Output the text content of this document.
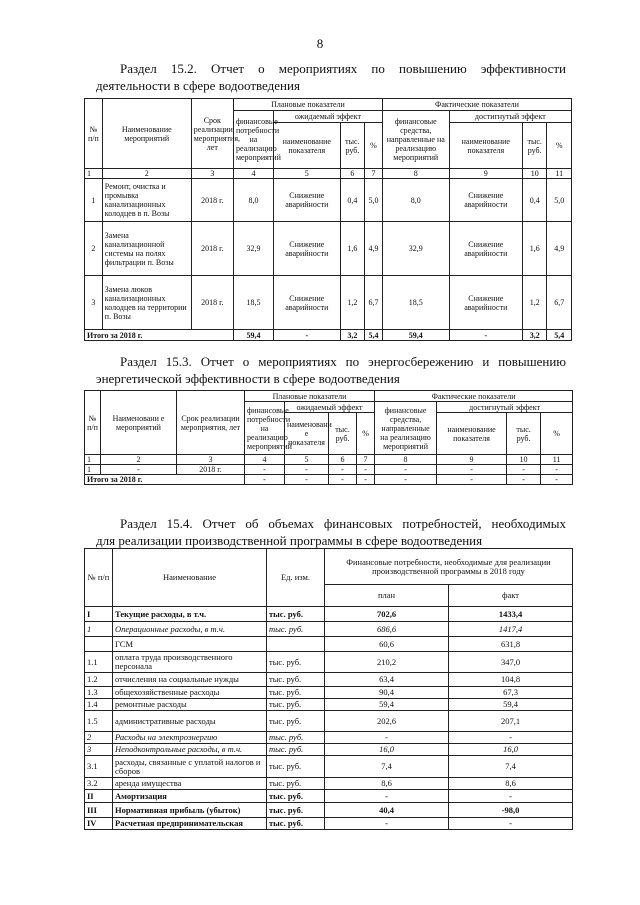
8
Раздел 15.2. Отчет о мероприятиях по повышению эффективности
деятельности в сфере водоотведения
№ п/п	Наименование мероприятий	Срок реализации мероприятия, лет	Плановые показатели				Фактические показатели			
			финансовые потребности на реализацию мероприятий	ожидаемый эффект			финансовые средства, направленные на реализацию мероприятий	достигнутый эффект		
				наименование показателя	тыс. руб.	%		наименование показателя	тыс. руб.	%
1	2	3	4	5	6	7	8	9	10	11
1	Ремонт, очистка и промывка канализационных колодцев в п. Возы	2018 г.	8,0	Снижение аварийности	0,4	5,0	8,0	Снижение аварийности	0,4	5,0
2	Замена канализационной системы на полях фильтрации п. Возы	2018 г.	32,9	Снижение аварийности	1,6	4,9	32,9	Снижение аварийности	1,6	4,9
3	Замена люков канализационных колодцев на территории п. Возы	2018 г.	18,5	Снижение аварийности	1,2	6,7	18,5	Снижение аварийности	1,2	6,7
Итого за 2018 г.			59,4	-	3,2	5,4	59,4	-	3,2	5,4
Раздел 15.3. Отчет о мероприятиях по энергосбережению и повышению
энергетической эффективности в сфере водоотведения
№ п/п	Наименовани е мероприятий	Срок реализации мероприятия, лет	Плановые показатели				Фактические показатели			
			финансовые потребности на реализацию мероприятий	ожидаемый эффект			финансовые средства, направленные на реализацию мероприятий	достигнутый эффект		
				наименовани е показателя	тыс. руб.	%		наименование показателя	тыс. руб.	%
1	2	3	4	5	6	7	8	9	10	11
1	-	2018 г.	-	-	-	-	-	-	-	-
Итого за 2018 г.			-	-	-	-	-	-	-	-
Раздел 15.4. Отчет об объемах финансовых потребностей, необходимых
для реализации производственной программы в сфере водоотведения
№ п/п	Наименование	Ед. изм.	Финансовые потребности, необходимые для реализации производственной программы в 2018 году	
			план	факт
I	Текущие расходы, в т.ч.	тыс. руб.	702,6	1433,4
1	Операционные расходы, в т.ч.	тыс. руб.	686,6	1417,4
	ГСМ		60,6	631,8
1.1	оплата труда производственного персонала	тыс. руб.	210,2	347,0
1.2	отчисления на социальные нужды	тыс. руб.	63,4	104,8
1.3	общехозяйственные расходы	тыс. руб.	90,4	67,3
1.4	ремонтные расходы	тыс. руб.	59,4	59,4
1.5	административные расходы	тыс. руб.	202,6	207,1
2	Расходы на электроэнергию	тыс. руб.	-	-
3	Неподконтрольные расходы, в т.ч.	тыс. руб.	16,0	16,0
3.1	расходы, связанные с уплатой налогов и сборов	тыс. руб.	7,4	7,4
3.2	аренда имущества	тыс. руб.	8,6	8,6
II	Амортизация	тыс. руб.	-	-
III	Нормативная прибыль (убыток)	тыс. руб.	40,4	-98,0
IV	Расчетная предпринимательская	тыс. руб.	-	-
